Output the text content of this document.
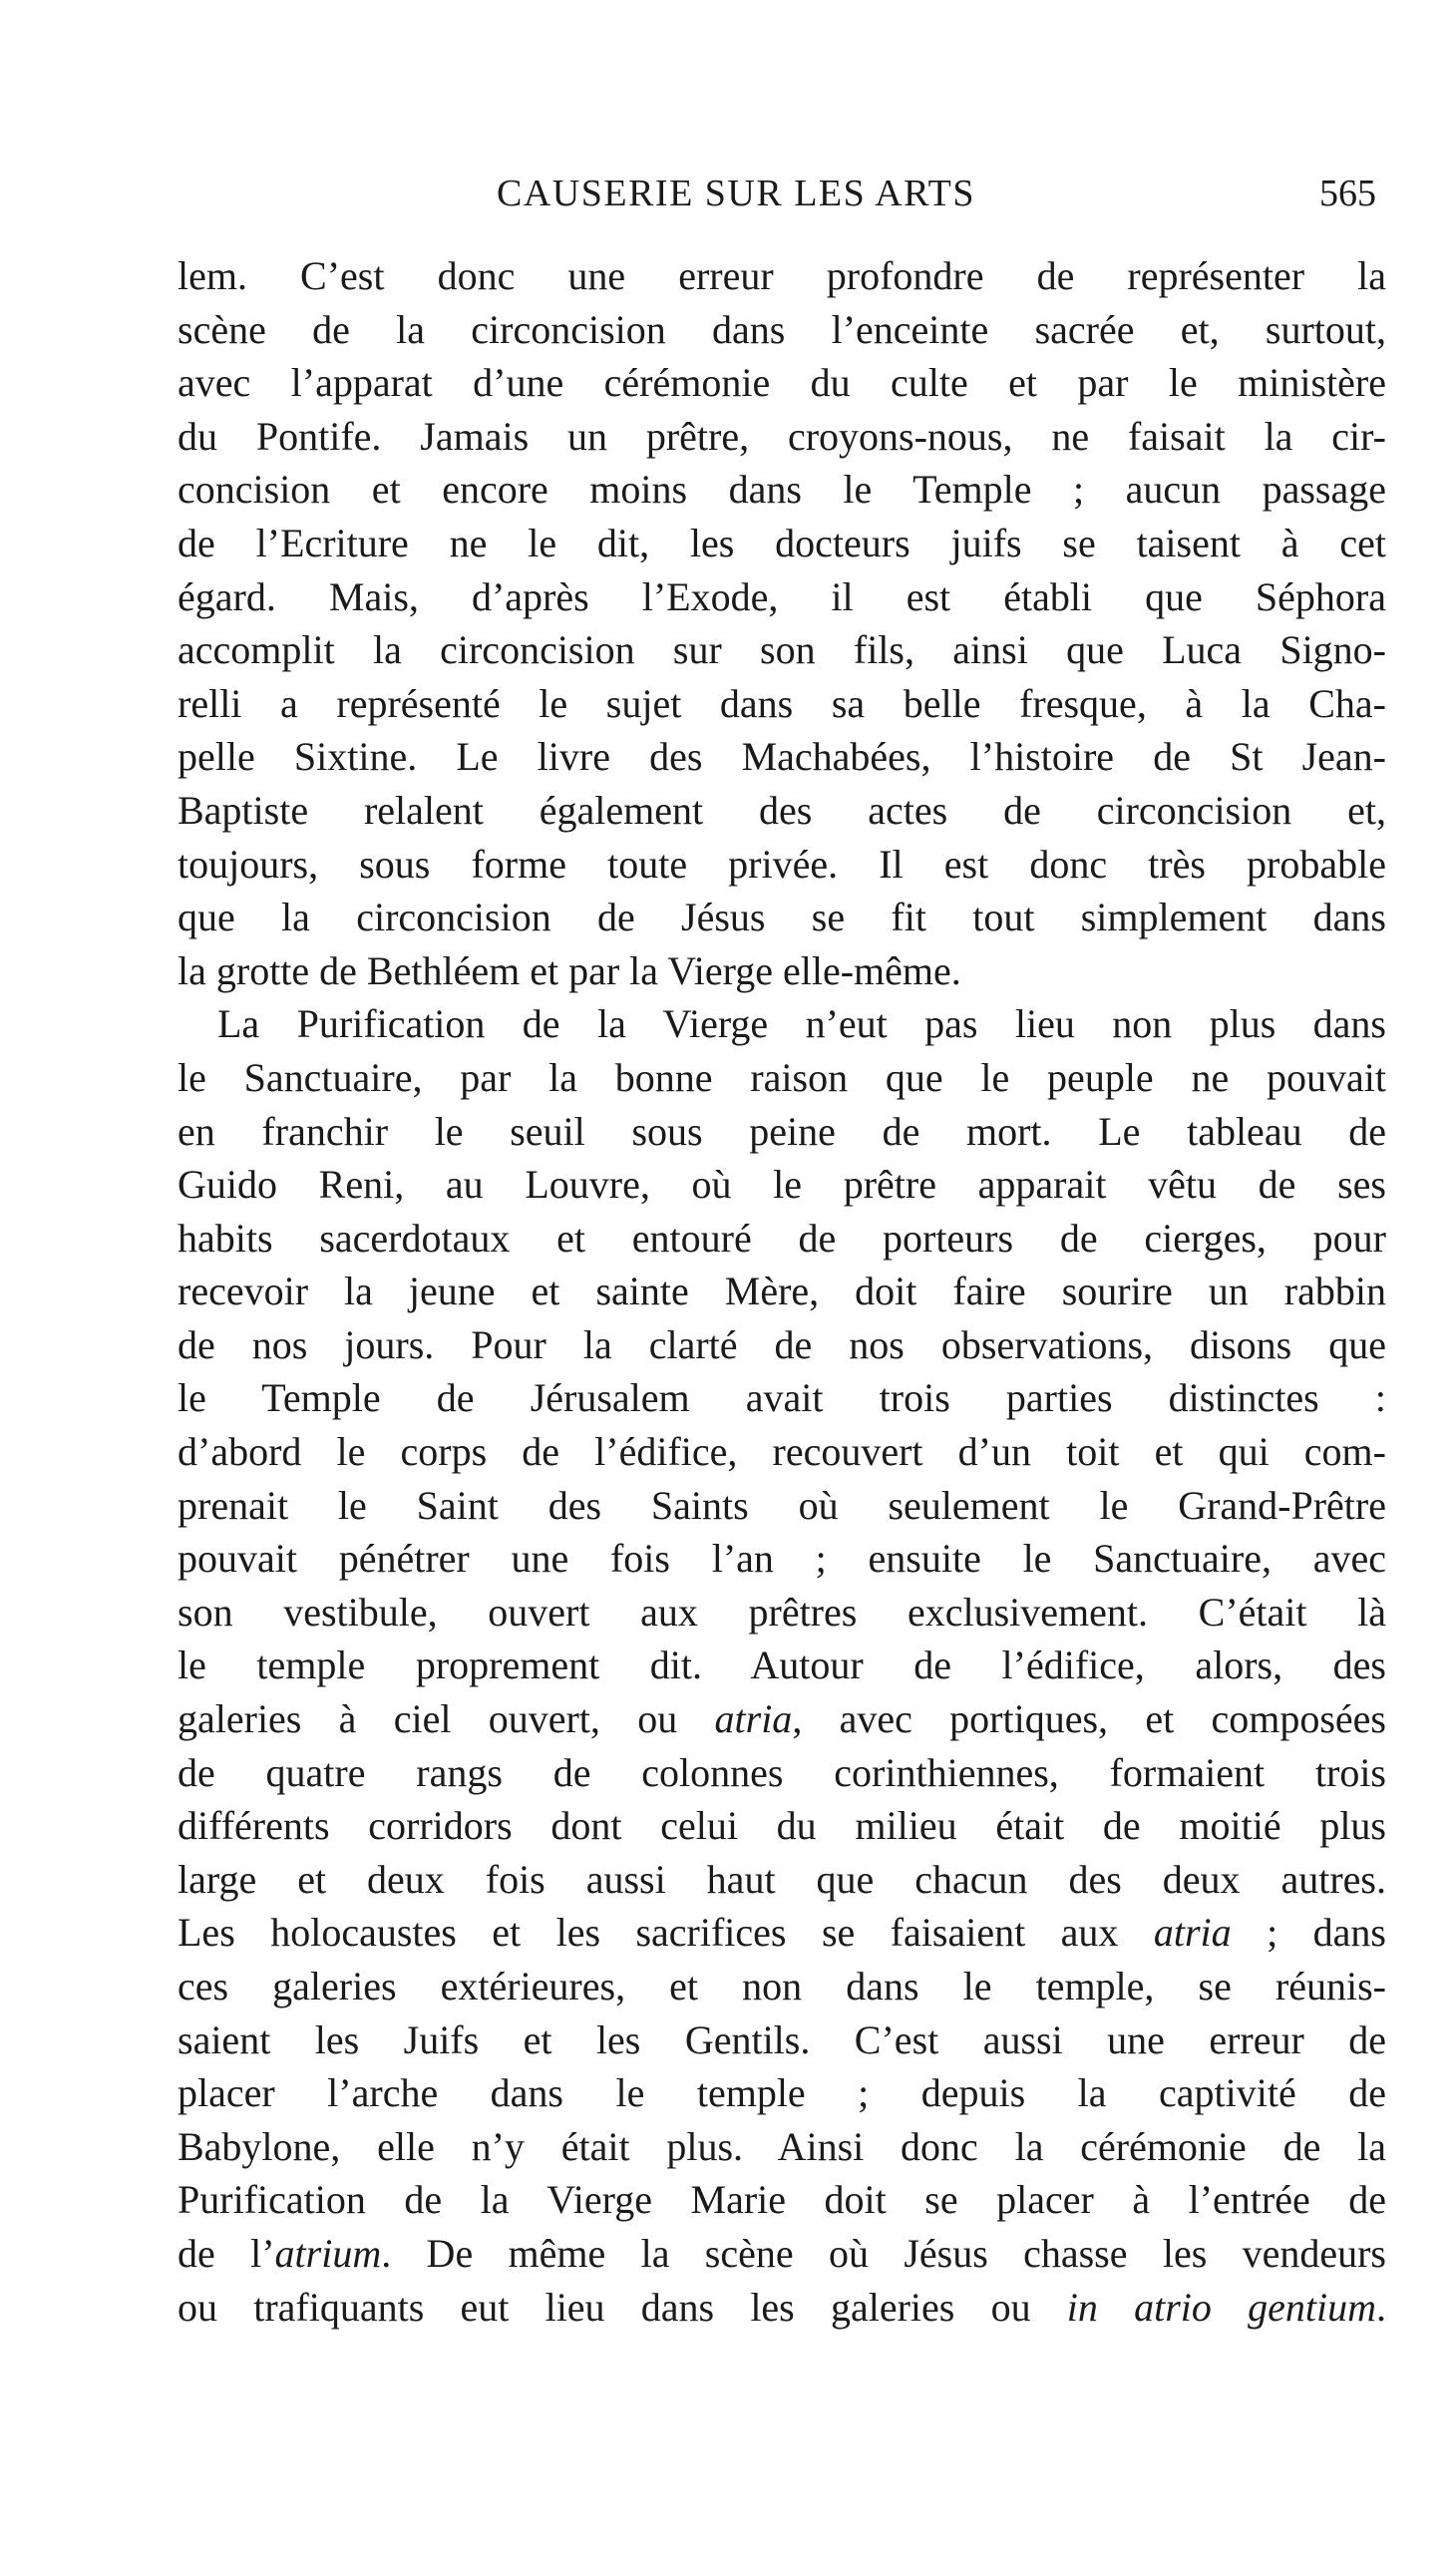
CAUSERIE SUR LES ARTS	565
lem. C’est donc une erreur profondre de représenter la
scène de la circoncision dans l’enceinte sacrée et, surtout,
avec l’apparat d’une cérémonie du culte et par le ministère
du Pontife. Jamais un prêtre, croyons-nous, ne faisait la cir-
concision et encore moins dans le Temple ; aucun passage
de l’Ecriture ne le dit, les docteurs juifs se taisent à cet
égard. Mais, d’après l’Exode, il est établi que Séphora
accomplit la circoncision sur son fils, ainsi que Luca Signo-
relli a représenté le sujet dans sa belle fresque, à la Cha-
pelle Sixtine. Le livre des Machabées, l’histoire de St Jean-
Baptiste relalent également des actes de circoncision et,
toujours, sous forme toute privée. Il est donc très probable
que la circoncision de Jésus se fit tout simplement dans
la grotte de Bethléem et par la Vierge elle-même.
La Purification de la Vierge n’eut pas lieu non plus dans
le Sanctuaire, par la bonne raison que le peuple ne pouvait
en franchir le seuil sous peine de mort. Le tableau de
Guido Reni, au Louvre, où le prêtre apparait vêtu de ses
habits sacerdotaux et entouré de porteurs de cierges, pour
recevoir la jeune et sainte Mère, doit faire sourire un rabbin
de nos jours. Pour la clarté de nos observations, disons que
le Temple de Jérusalem avait trois parties distinctes :
d’abord le corps de l’édifice, recouvert d’un toit et qui com-
prenait le Saint des Saints où seulement le Grand-Prêtre
pouvait pénétrer une fois l’an ; ensuite le Sanctuaire, avec
son vestibule, ouvert aux prêtres exclusivement. C’était là
le temple proprement dit. Autour de l’édifice, alors, des
galeries à ciel ouvert, ou atria, avec portiques, et composées
de quatre rangs de colonnes corinthiennes, formaient trois
différents corridors dont celui du milieu était de moitié plus
large et deux fois aussi haut que chacun des deux autres.
Les holocaustes et les sacrifices se faisaient aux atria ; dans
ces galeries extérieures, et non dans le temple, se réunis-
saient les Juifs et les Gentils. C’est aussi une erreur de
placer l’arche dans le temple ; depuis la captivité de
Babylone, elle n’y était plus. Ainsi donc la cérémonie de la
Purification de la Vierge Marie doit se placer à l’entrée de
de l’atrium. De même la scène où Jésus chasse les vendeurs
ou trafiquants eut lieu dans les galeries ou in atrio gentium.
